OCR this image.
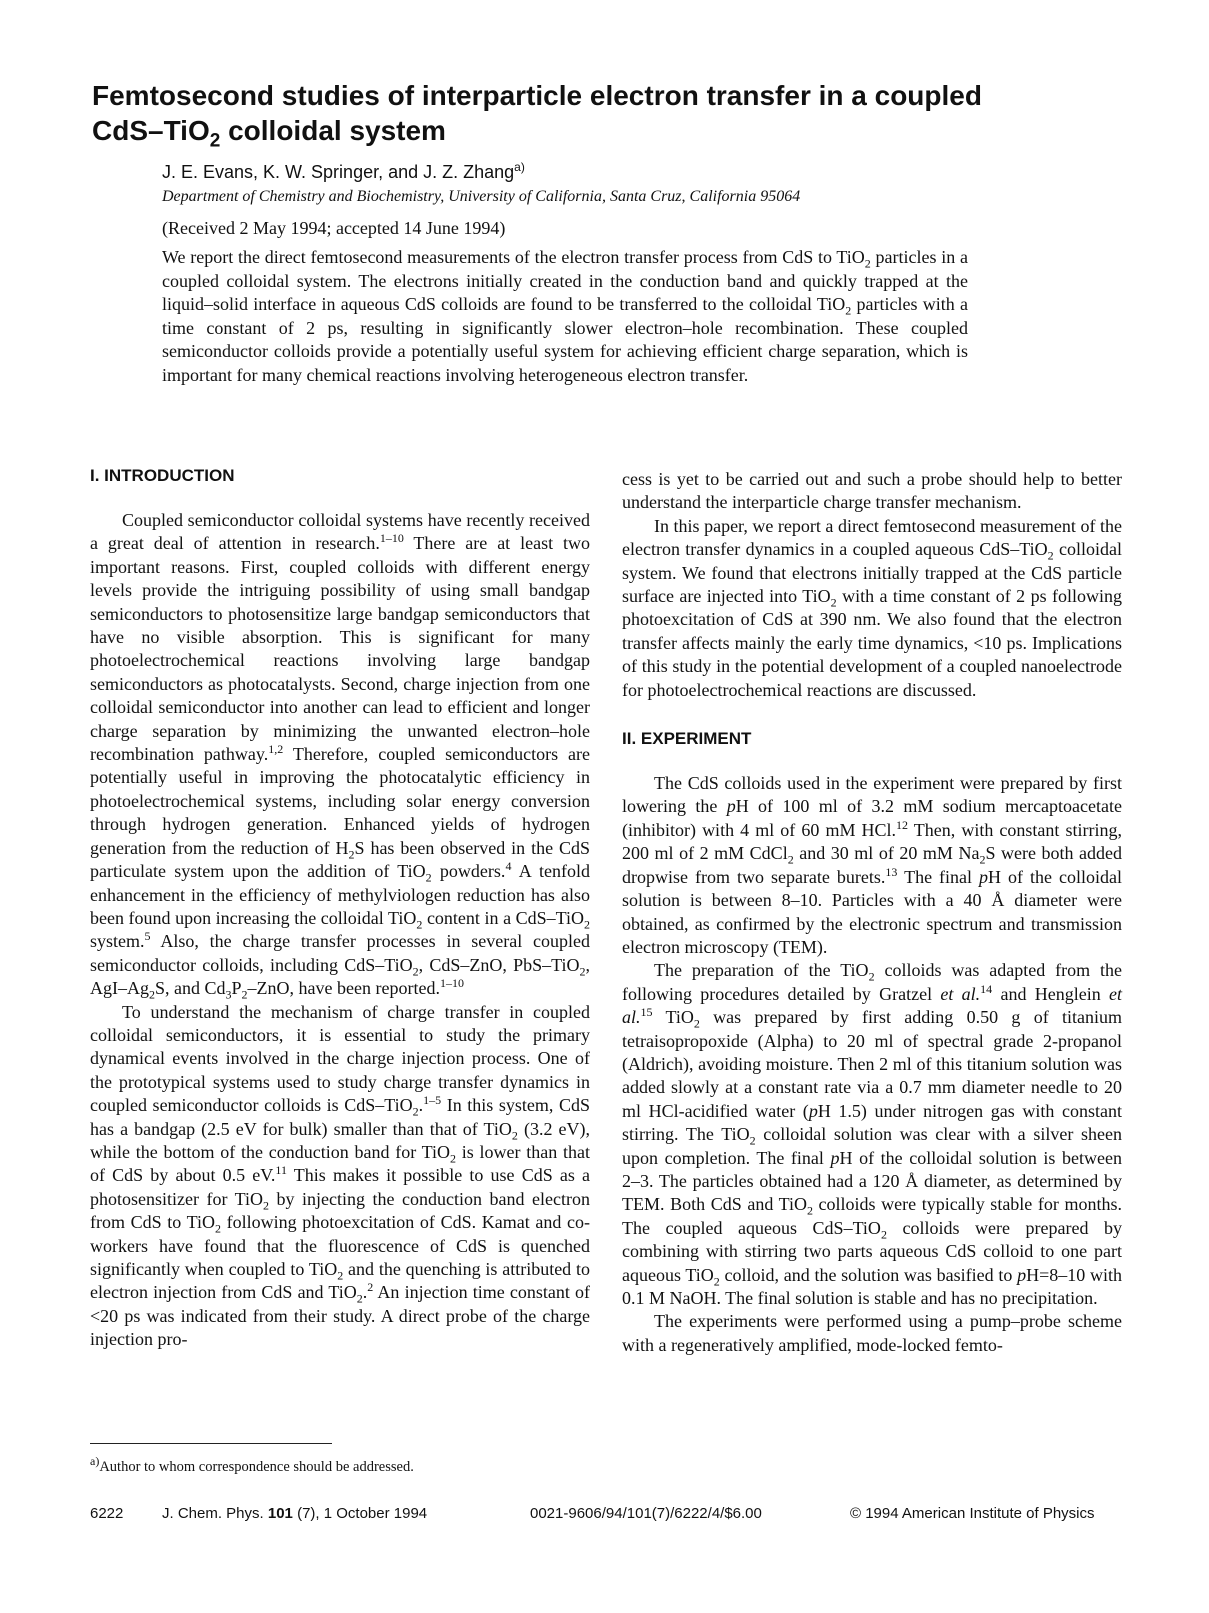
Femtosecond studies of interparticle electron transfer in a coupled
CdS–TiO$_2$ colloidal system
J. E. Evans, K. W. Springer, and J. Z. Zhang$^{a)}$
Department of Chemistry and Biochemistry, University of California, Santa Cruz, California 95064
(Received 2 May 1994; accepted 14 June 1994)

We report the direct femtosecond measurements of the electron transfer process from CdS to TiO$_2$ particles in a coupled colloidal system. The electrons initially created in the conduction band and quickly trapped at the liquid–solid interface in aqueous CdS colloids are found to be transferred to the colloidal TiO$_2$ particles with a time constant of 2 ps, resulting in significantly slower electron–hole recombination. These coupled semiconductor colloids provide a potentially useful system for achieving efficient charge separation, which is important for many chemical reactions involving heterogeneous electron transfer.

I. INTRODUCTION

Coupled semiconductor colloidal systems have recently received a great deal of attention in research.$^{1-10}$ There are at least two important reasons. First, coupled colloids with different energy levels provide the intriguing possibility of using small bandgap semiconductors to photosensitize large bandgap semiconductors that have no visible absorption. This is significant for many photoelectrochemical reactions involving large bandgap semiconductors as photocatalysts. Second, charge injection from one colloidal semiconductor into another can lead to efficient and longer charge separation by minimizing the unwanted electron–hole recombination pathway.$^{1,2}$ Therefore, coupled semiconductors are potentially useful in improving the photocatalytic efficiency in photoelectrochemical systems, including solar energy conversion through hydrogen generation. Enhanced yields of hydrogen generation from the reduction of $H_2S$ has been observed in the CdS particulate system upon the addition of TiO$_2$ powders.$^4$ A tenfold enhancement in the efficiency of methylviologen reduction has also been found upon increasing the colloidal TiO$_2$ content in a CdS–TiO$_2$ system.$^5$ Also, the charge transfer processes in several coupled semiconductor colloids, including CdS–TiO$_2$, CdS–ZnO, PbS–TiO$_2$, AgI–$Ag_2S$, and $Cd_3P_2$–ZnO, have been reported.$^{1-10}$

To understand the mechanism of charge transfer in coupled colloidal semiconductors, it is essential to study the primary dynamical events involved in the charge injection process. One of the prototypical systems used to study charge transfer dynamics in coupled semiconductor colloids is CdS–TiO$_2$.$^{1-5}$ In this system, CdS has a bandgap (2.5 eV for bulk) smaller than that of TiO$_2$ (3.2 eV), while the bottom of the conduction band for TiO$_2$ is lower than that of CdS by about 0.5 eV.$^{11}$ This makes it possible to use CdS as a photosensitizer for TiO$_2$ by injecting the conduction band electron from CdS to TiO$_2$ following photoexcitation of CdS. Kamat and co-workers have found that the fluorescence of CdS is quenched significantly when coupled to TiO$_2$ and the quenching is attributed to electron injection from CdS and TiO$_2$.$^2$ An injection time constant of <20 ps was indicated from their study. A direct probe of the charge injection pro-

cess is yet to be carried out and such a probe should help to better understand the interparticle charge transfer mechanism.

In this paper, we report a direct femtosecond measurement of the electron transfer dynamics in a coupled aqueous CdS–TiO$_2$ colloidal system. We found that electrons initially trapped at the CdS particle surface are injected into TiO$_2$ with a time constant of 2 ps following photoexcitation of CdS at 390 nm. We also found that the electron transfer affects mainly the early time dynamics, <10 ps. Implications of this study in the potential development of a coupled nanoelectrode for photoelectrochemical reactions are discussed.

II. EXPERIMENT

The CdS colloids used in the experiment were prepared by first lowering the pH of 100 ml of 3.2 mM sodium mercaptoacetate (inhibitor) with 4 ml of 60 mM HCl.$^{12}$ Then, with constant stirring, 200 ml of 2 mM CdCl$_2$ and 30 ml of 20 mM $Na_2S$ were both added dropwise from two separate burets.$^{13}$ The final pH of the colloidal solution is between 8–10. Particles with a 40 Å diameter were obtained, as confirmed by the electronic spectrum and transmission electron microscopy (TEM).

The preparation of the TiO$_2$ colloids was adapted from the following procedures detailed by Gratzel et al.$^{14}$ and Henglein et al.$^{15}$ TiO$_2$ was prepared by first adding 0.50 g of titanium tetraisopropoxide (Alpha) to 20 ml of spectral grade 2-propanol (Aldrich), avoiding moisture. Then 2 ml of this titanium solution was added slowly at a constant rate via a 0.7 mm diameter needle to 20 ml HCl-acidified water (pH 1.5) under nitrogen gas with constant stirring. The TiO$_2$ colloidal solution was clear with a silver sheen upon completion. The final pH of the colloidal solution is between 2–3. The particles obtained had a 120 Å diameter, as determined by TEM. Both CdS and TiO$_2$ colloids were typically stable for months. The coupled aqueous CdS–TiO$_2$ colloids were prepared by combining with stirring two parts aqueous CdS colloid to one part aqueous TiO$_2$ colloid, and the solution was basified to pH=8–10 with 0.1 M NaOH. The final solution is stable and has no precipitation.

The experiments were performed using a pump–probe scheme with a regeneratively amplified, mode-locked femto-

$^{a)}$Author to whom correspondence should be addressed.
6222	J. Chem. Phys. 101 (7), 1 October 1994	0021-9606/94/101(7)/6222/4/$6.00	© 1994 American Institute of Physics
